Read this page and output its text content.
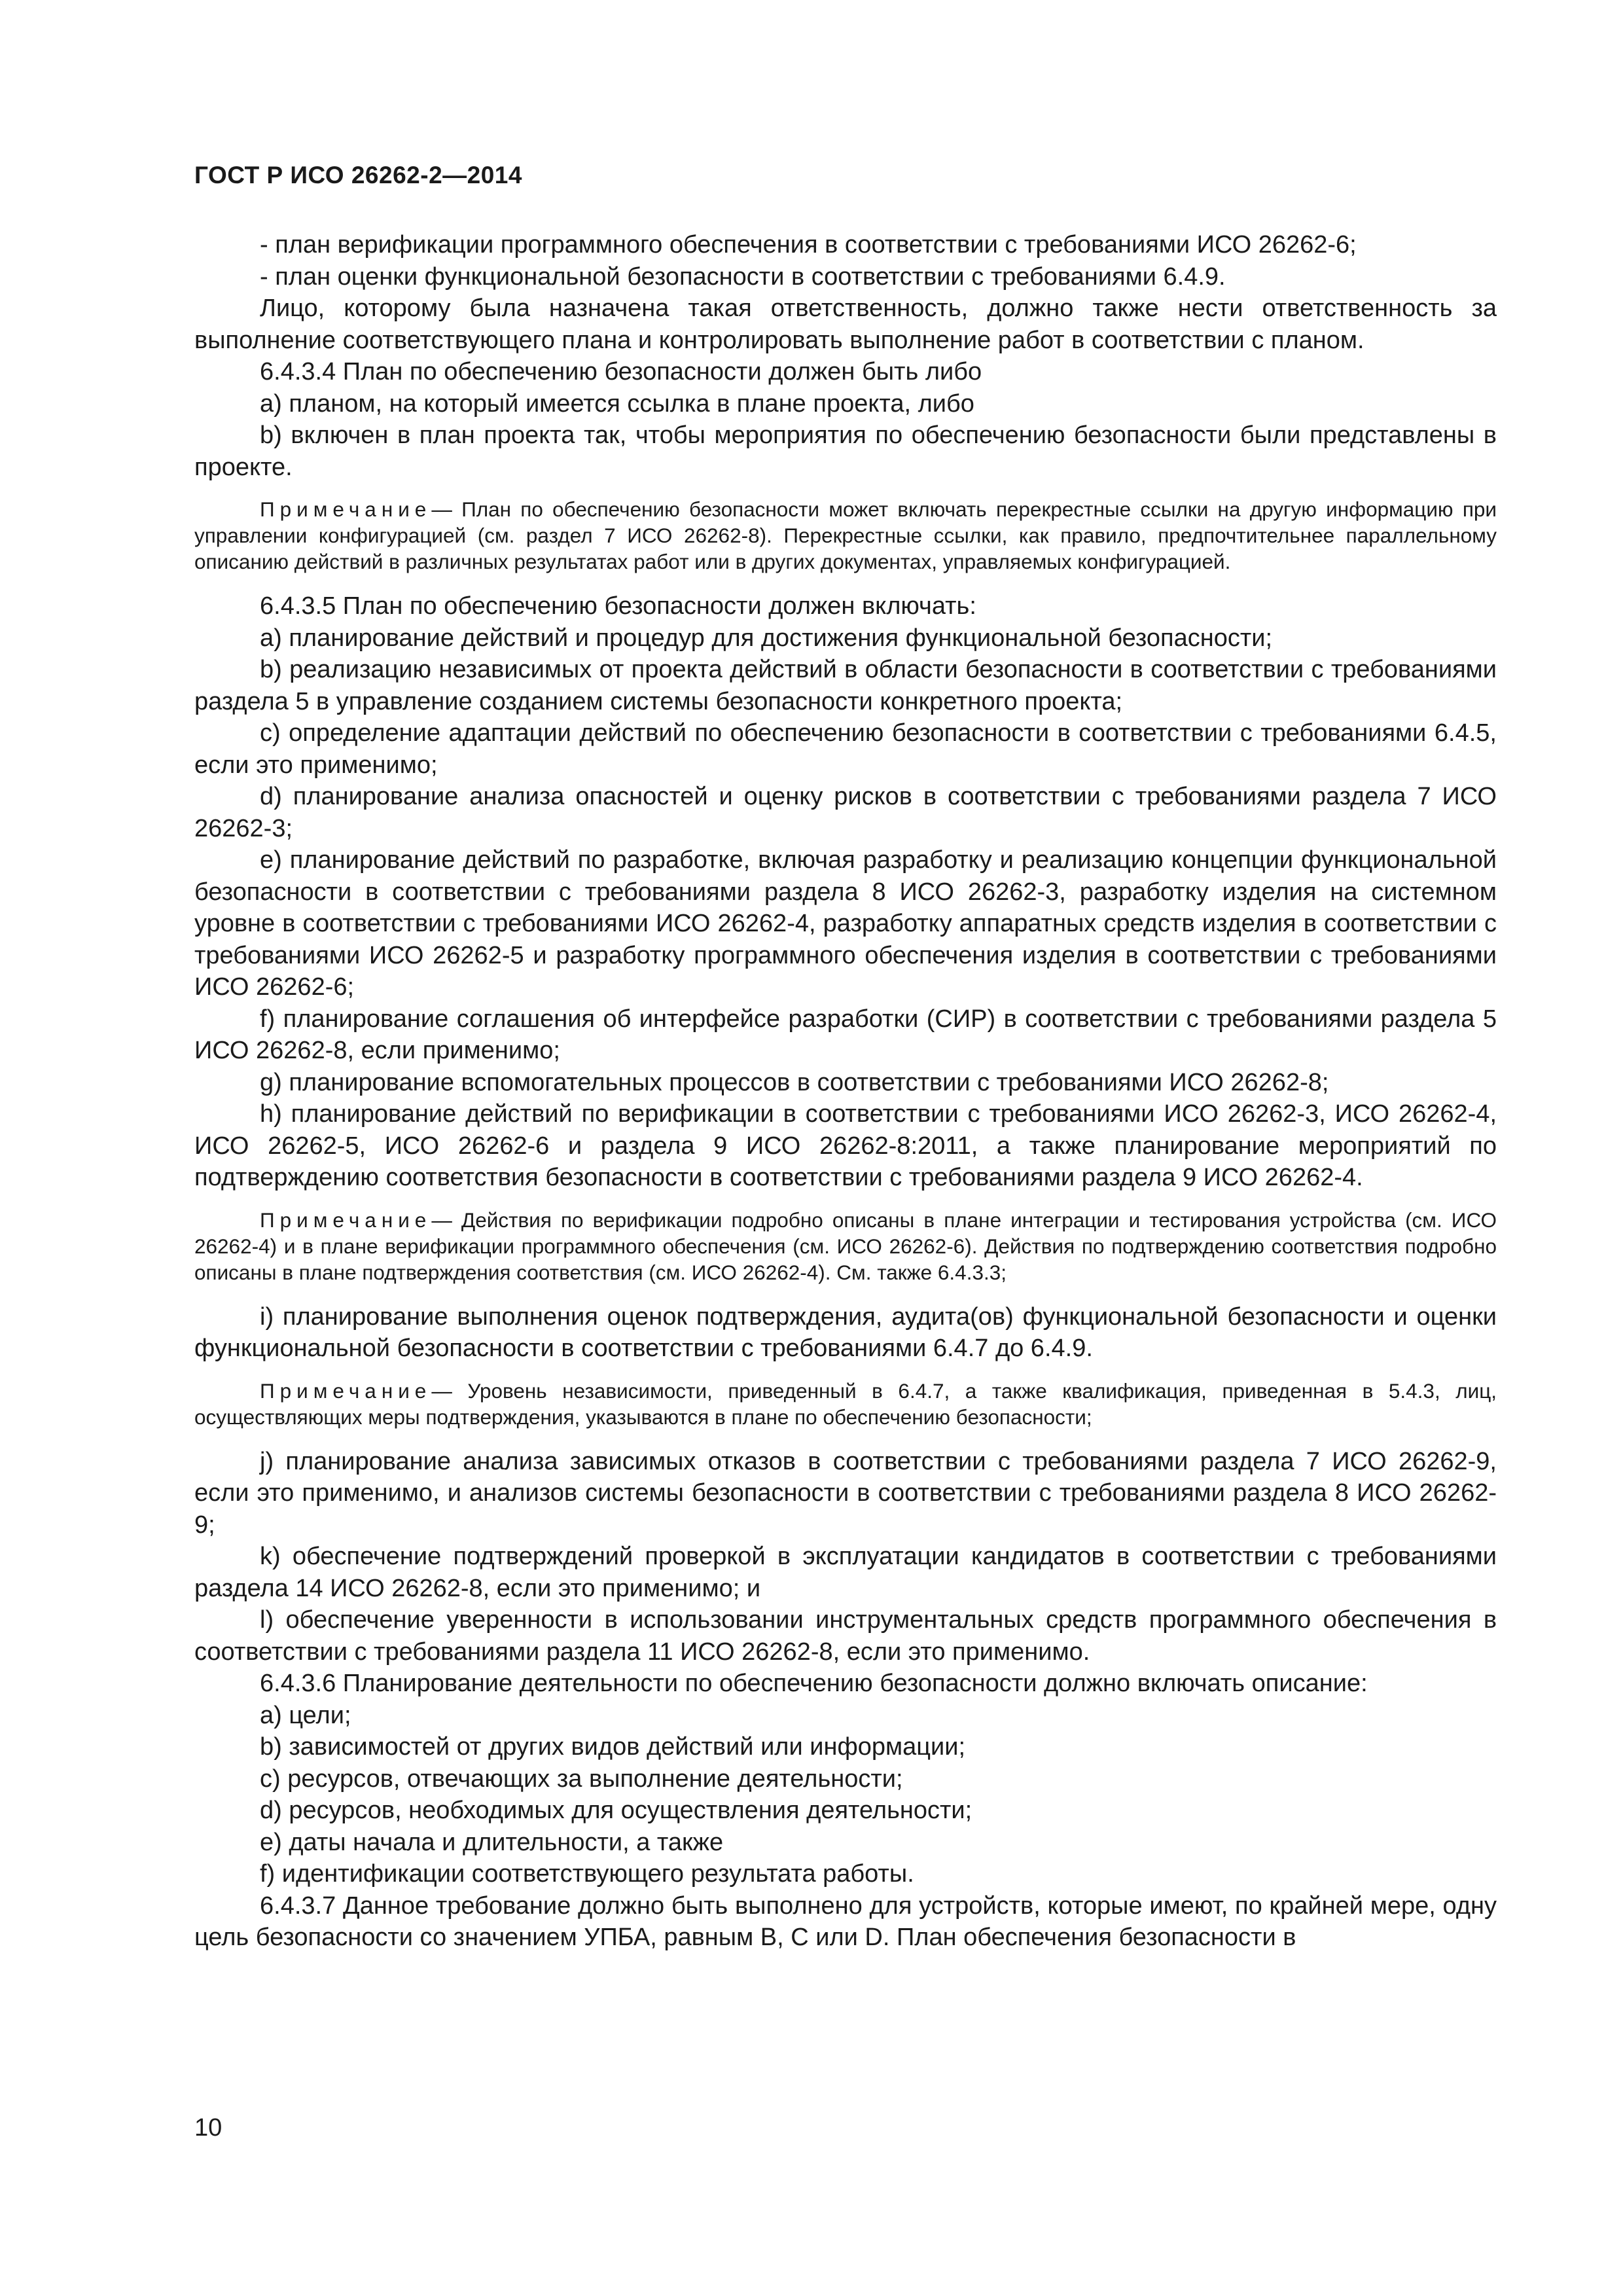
ГОСТ Р ИСО 26262-2—2014

- план верификации программного обеспечения в соответствии с требованиями ИСО 26262-6;

- план оценки функциональной безопасности в соответствии с требованиями 6.4.9.

Лицо, которому была назначена такая ответственность, должно также нести ответственность за выполнение соответствующего плана и контролировать выполнение работ в соответствии с планом.

6.4.3.4 План по обеспечению безопасности должен быть либо

a) планом, на который имеется ссылка в плане проекта, либо

b) включен в план проекта так, чтобы мероприятия по обеспечению безопасности были представлены в проекте.

Примечание— План по обеспечению безопасности может включать перекрестные ссылки на другую информацию при управлении конфигурацией (см. раздел 7 ИСО 26262-8). Перекрестные ссылки, как правило, предпочтительнее параллельному описанию действий в различных результатах работ или в других документах, управляемых конфигурацией.

6.4.3.5 План по обеспечению безопасности должен включать:

a) планирование действий и процедур для достижения функциональной безопасности;

b) реализацию независимых от проекта действий в области безопасности в соответствии с требованиями раздела 5 в управление созданием системы безопасности конкретного проекта;

c) определение адаптации действий по обеспечению безопасности в соответствии с требованиями 6.4.5, если это применимо;

d) планирование анализа опасностей и оценку рисков в соответствии с требованиями раздела 7 ИСО 26262-3;

e) планирование действий по разработке, включая разработку и реализацию концепции функциональной безопасности в соответствии с требованиями раздела 8 ИСО 26262-3, разработку изделия на системном уровне в соответствии с требованиями ИСО 26262-4, разработку аппаратных средств изделия в соответствии с требованиями ИСО 26262-5 и разработку программного обеспечения изделия в соответствии с требованиями ИСО 26262-6;

f) планирование соглашения об интерфейсе разработки (СИР) в соответствии с требованиями раздела 5 ИСО 26262-8, если применимо;

g) планирование вспомогательных процессов в соответствии с требованиями ИСО 26262-8;

h) планирование действий по верификации в соответствии с требованиями ИСО 26262-3, ИСО 26262-4, ИСО 26262-5, ИСО 26262-6 и раздела 9 ИСО 26262-8:2011, а также планирование мероприятий по подтверждению соответствия безопасности в соответствии с требованиями раздела 9 ИСО 26262-4.

Примечание— Действия по верификации подробно описаны в плане интеграции и тестирования устройства (см. ИСО 26262-4) и в плане верификации программного обеспечения (см. ИСО 26262-6). Действия по подтверждению соответствия подробно описаны в плане подтверждения соответствия (см. ИСО 26262-4). См. также 6.4.3.3;

i) планирование выполнения оценок подтверждения, аудита(ов) функциональной безопасности и оценки функциональной безопасности в соответствии с требованиями 6.4.7 до 6.4.9.

Примечание— Уровень независимости, приведенный в 6.4.7, а также квалификация, приведенная в 5.4.3, лиц, осуществляющих меры подтверждения, указываются в плане по обеспечению безопасности;

j) планирование анализа зависимых отказов в соответствии с требованиями раздела 7 ИСО 26262-9, если это применимо, и анализов системы безопасности в соответствии с требованиями раздела 8 ИСО 26262-9;

k) обеспечение подтверждений проверкой в эксплуатации кандидатов в соответствии с требованиями раздела 14 ИСО 26262-8, если это применимо; и

l) обеспечение уверенности в использовании инструментальных средств программного обеспечения в соответствии с требованиями раздела 11 ИСО 26262-8, если это применимо.

6.4.3.6 Планирование деятельности по обеспечению безопасности должно включать описание:

a) цели;

b) зависимостей от других видов действий или информации;

c) ресурсов, отвечающих за выполнение деятельности;

d) ресурсов, необходимых для осуществления деятельности;

e) даты начала и длительности, а также

f) идентификации соответствующего результата работы.

6.4.3.7 Данное требование должно быть выполнено для устройств, которые имеют, по крайней мере, одну цель безопасности со значением УПБА, равным B, C или D. План обеспечения безопасности в

10
